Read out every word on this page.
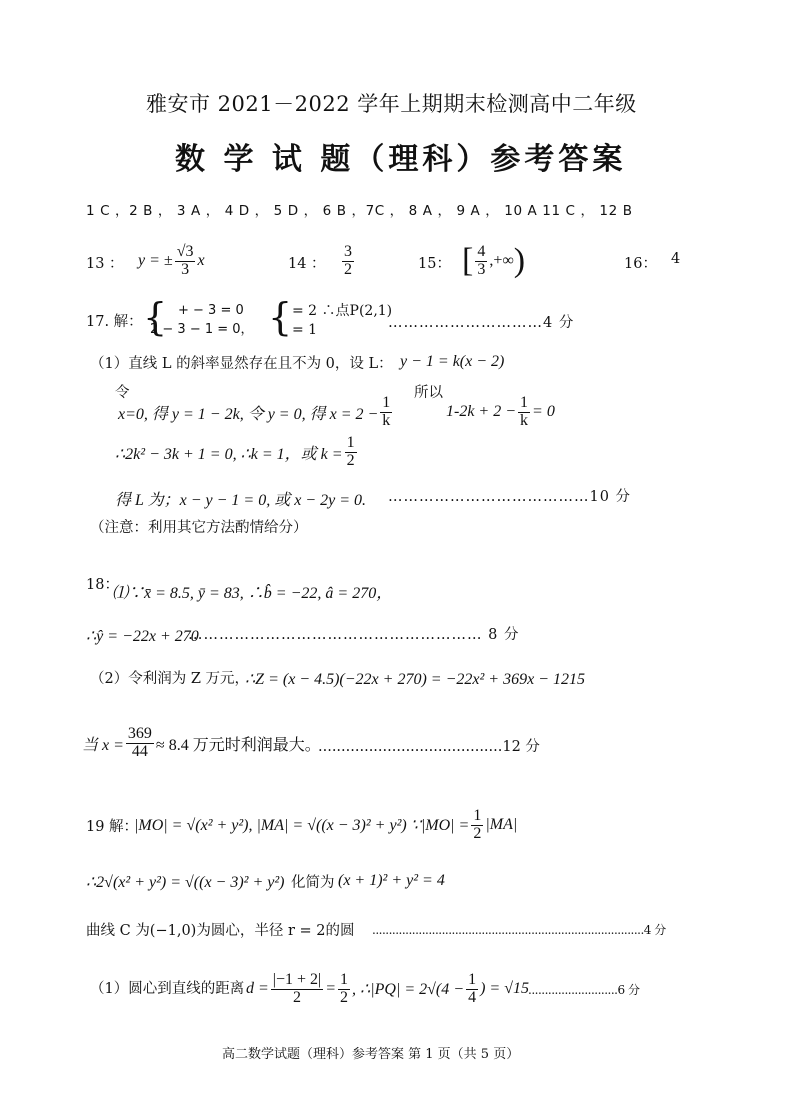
雅安市 2021－2022 学年上期期末检测高中二年级
数 学 试 题（理科）参考答案
1 C ，2 B ， 3 A ， 4 D ， 5 D ， 6 B ，7C ， 8 A ， 9 A ， 10 A 11 C ， 12 B
13 ： y = ± $\frac{√3}{3}$ x	14 ： $\frac{3}{2}$	15： [ $\frac{4}{3}$ ,+∞ )	16： 4
17. 解： { + − 3 = 0
2 − 3 − 1 = 0， { = 2 ∴点P(2,1)
= 1	…………………………4 分
（1）直线 L 的斜率显然存在且不为 0，设 L： y − 1 = k(x − 2)
令
x=0, 得 y = 1 − 2k, 令 y = 0, 得 $x = 2 - \frac{1}{k}$
所以
$1-2k + 2 - \frac{1}{k} = 0$
∴2k² − 3k + 1 = 0, ∴k = 1，或 $k = \frac{1}{2}$
得 L 为；x − y − 1 = 0, 或 x − 2y = 0. …………………………………10 分
（注意：利用其它方法酌情给分）
18：
⑴∵x̄ = 8.5, ȳ = 83, ∴b̂ = −22, â = 270，
∴ŷ = −22x + 270
………………………………………………… 8 分
（2）令利润为 Z 万元，
∴Z = (x − 4.5)(−22x + 270) = −22x² + 369x − 1215
当 $x = \frac{369}{44} \approx 8.4$ 万元时利润最大。
........................................12 分
19 解：
|MO| = √(x² + y²), |MA| = √((x − 3)² + y²) ∵|MO| = $\frac{1}{2} |MA|$
∴2√(x² + y²) = √((x − 3)² + y²) 化简为 (x + 1)² + y² = 4
曲线 C 为(−1,0)为圆心，半径 r = 2的圆 ..................................................................................4 分
（1）圆心到直线的距离 $d = \frac{|-1 + 2|}{2} = \frac{1}{2}$ , ∴|PQ| = $2√(4 - \frac{1}{4}$ ) = √15 ...........................6 分
高二数学试题（理科）参考答案 第 1 页（共 5 页）
